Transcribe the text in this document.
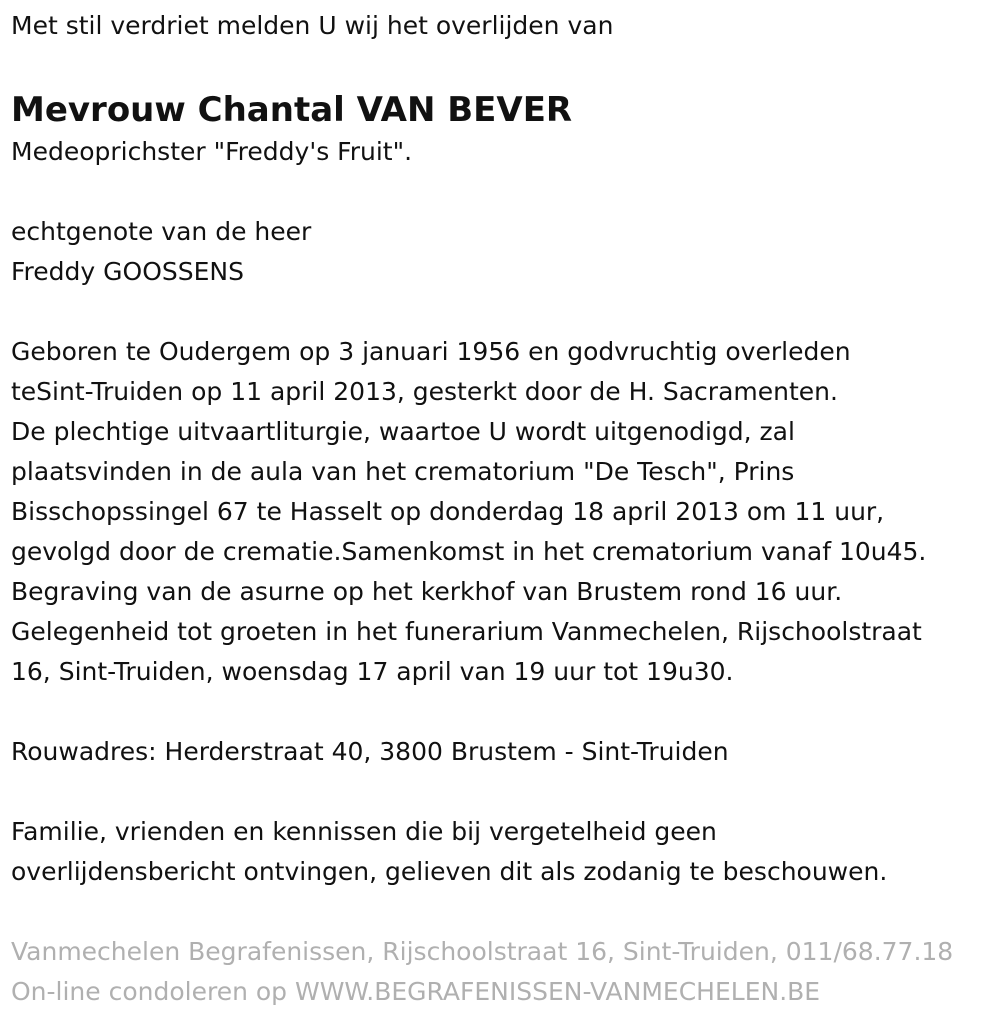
Met stil verdriet melden U wij het overlijden van

Mevrouw Chantal VAN BEVER

Medeoprichster "Freddy's Fruit".

echtgenote van de heer

Freddy GOOSSENS

Geboren te Oudergem op 3 januari 1956 en godvruchtig overleden

teSint-Truiden op 11 april 2013, gesterkt door de H. Sacramenten.

De plechtige uitvaartliturgie, waartoe U wordt uitgenodigd, zal

plaatsvinden in de aula van het crematorium "De Tesch", Prins

Bisschopssingel 67 te Hasselt op donderdag 18 april 2013 om 11 uur,

gevolgd door de crematie.Samenkomst in het crematorium vanaf 10u45.

Begraving van de asurne op het kerkhof van Brustem rond 16 uur.

Gelegenheid tot groeten in het funerarium Vanmechelen, Rijschoolstraat

16, Sint-Truiden, woensdag 17 april van 19 uur tot 19u30.

Rouwadres: Herderstraat 40, 3800 Brustem - Sint-Truiden

Familie, vrienden en kennissen die bij vergetelheid geen

overlijdensbericht ontvingen, gelieven dit als zodanig te beschouwen.

Vanmechelen Begrafenissen, Rijschoolstraat 16, Sint-Truiden, 011/68.77.18

On-line condoleren op WWW.BEGRAFENISSEN-VANMECHELEN.BE
